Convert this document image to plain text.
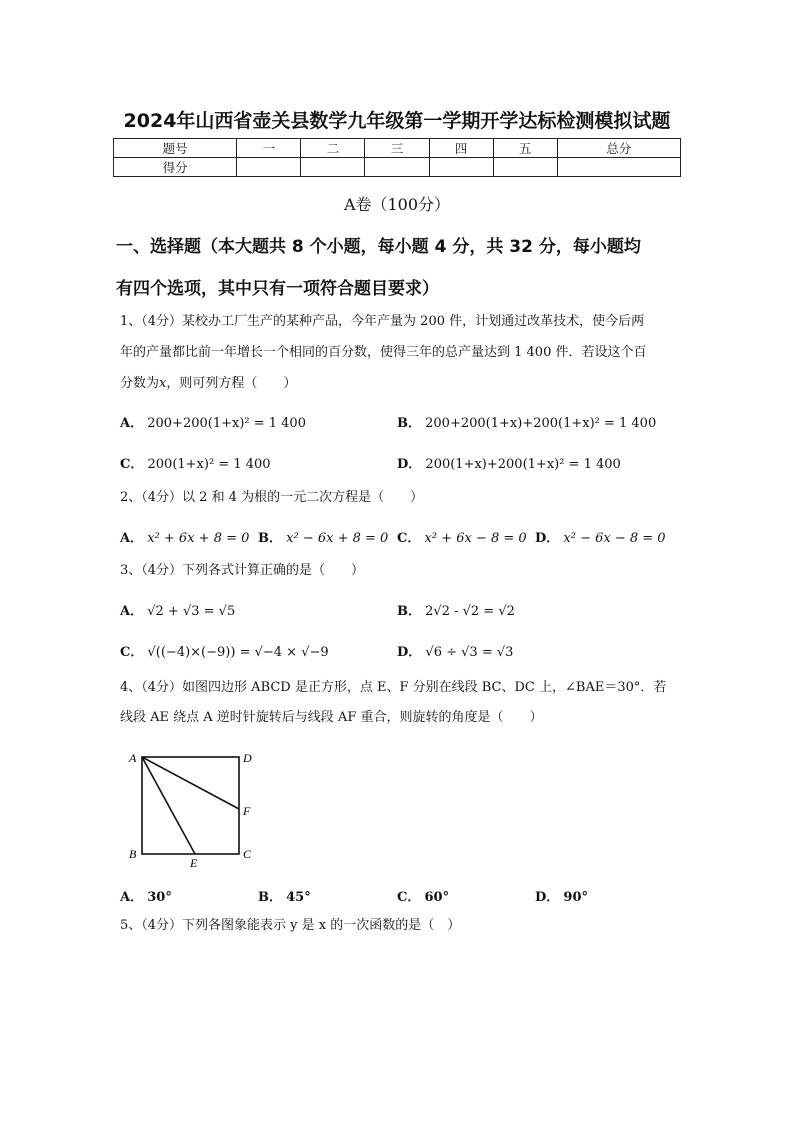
2024年山西省壶关县数学九年级第一学期开学达标检测模拟试题
题号	一	二	三	四	五	总分
得分						
A卷（100分）
一、选择题（本大题共 8 个小题，每小题 4 分，共 32 分，每小题均
有四个选项，其中只有一项符合题目要求）
1、（4分）某校办工厂生产的某种产品，今年产量为 200 件，计划通过改革技术，使今后两
年的产量都比前一年增长一个相同的百分数，使得三年的总产量达到 1 400 件．若设这个百
分数为x，则可列方程（　　）
A． 200+200(1+x)² = 1 400	B． 200+200(1+x)+200(1+x)² = 1 400
C． 200(1+x)² = 1 400	D． 200(1+x)+200(1+x)² = 1 400
2、（4分）以 2 和 4 为根的一元二次方程是（　　）
A． x² + 6x + 8 = 0 B． x² − 6x + 8 = 0 C． x² + 6x − 8 = 0 D． x² − 6x − 8 = 0
3、（4分）下列各式计算正确的是（　　）
A． √2 + √3 = √5	B． 2√2 - √2 = √2
C． √((−4)×(−9)) = √−4 × √−9	D． √6 ÷ √3 = √3
4、（4分）如图四边形 ABCD 是正方形，点 E、F 分别在线段 BC、DC 上，∠BAE＝30°．若
线段 AE 绕点 A 逆时针旋转后与线段 AF 重合，则旋转的角度是（　　）
A	D
F
B	C
E
A． 30°	B． 45°	C． 60°	D． 90°
5、（4分）下列各图象能表示 y 是 x 的一次函数的是（　）
